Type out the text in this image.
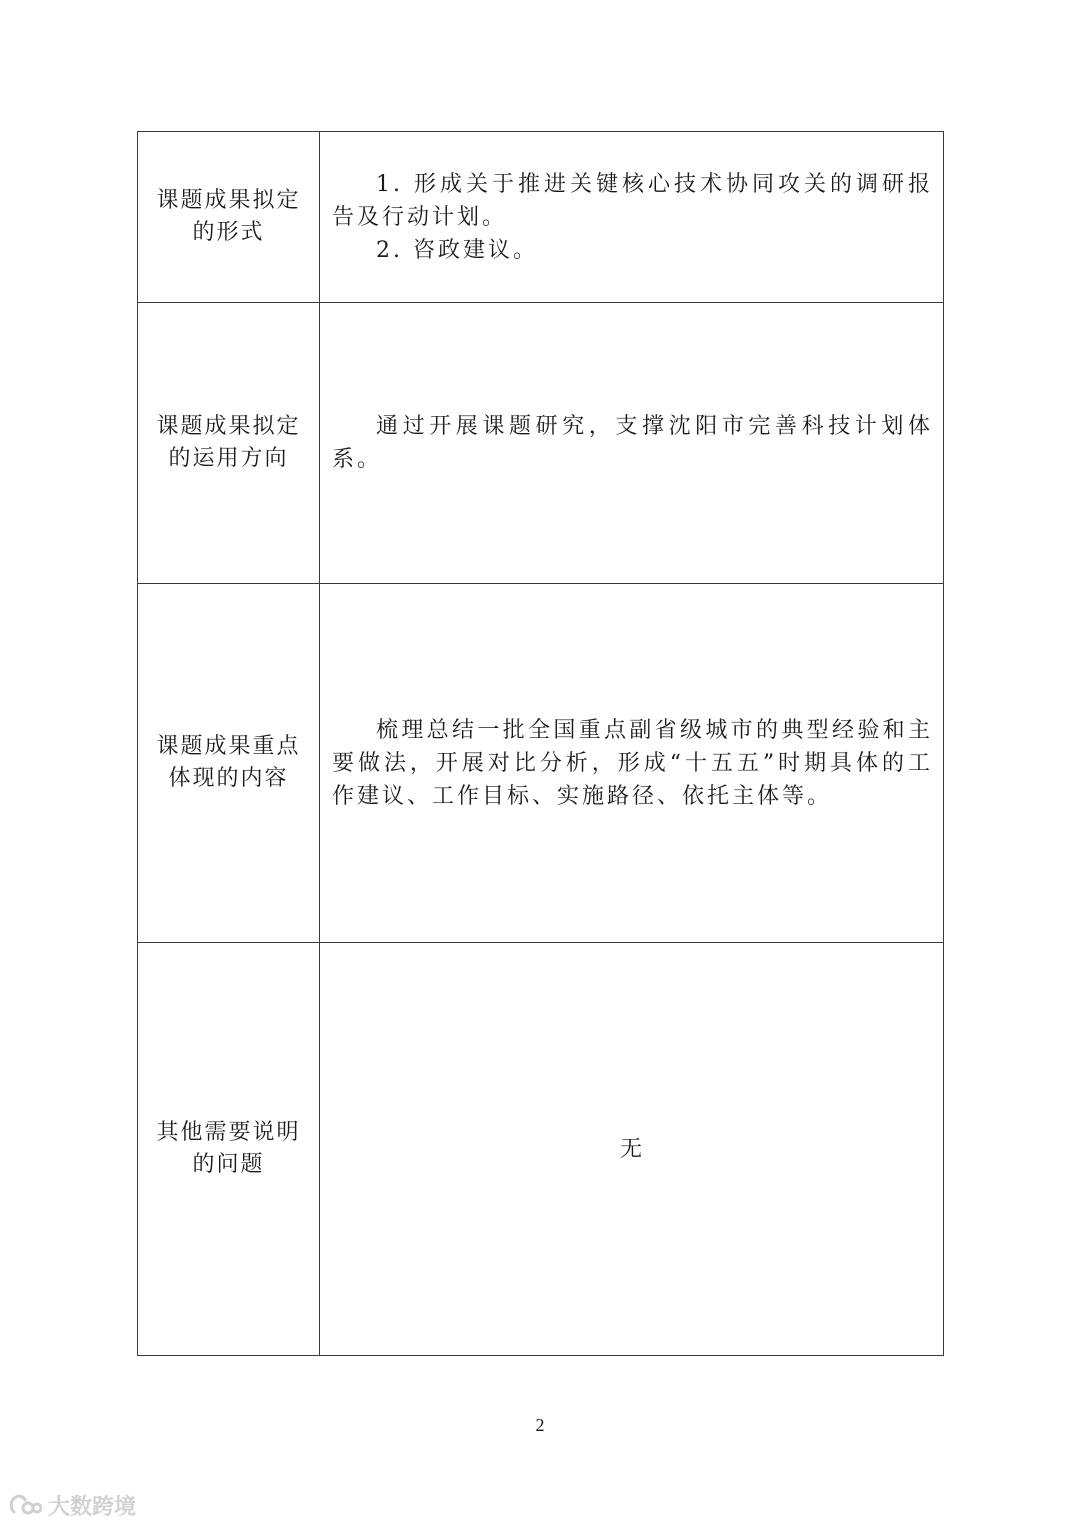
课题成果拟定的形式	1. 形成关于推进关键核心技术协同攻关的调研报告及行动计划。

2. 咨政建议。

课题成果拟定的运用方向	通过开展课题研究，支撑沈阳市完善科技计划体系。

课题成果重点体现的内容	梳理总结一批全国重点副省级城市的典型经验和主要做法，开展对比分析，形成“十五五”时期具体的工作建议、工作目标、实施路径、依托主体等。

其他需要说明的问题	无

2
大数跨境
